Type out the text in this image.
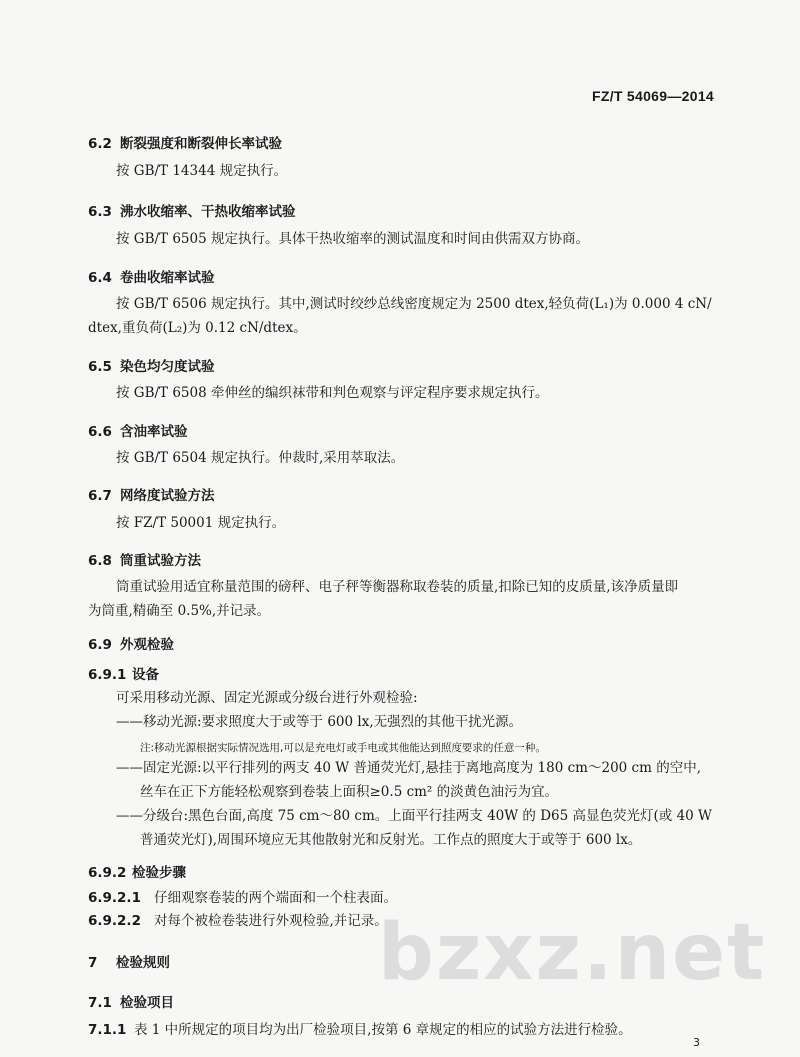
FZ/T 54069—2014
6.2 断裂强度和断裂伸长率试验
按 GB/T 14344 规定执行。
6.3 沸水收缩率、干热收缩率试验
按 GB/T 6505 规定执行。具体干热收缩率的测试温度和时间由供需双方协商。
6.4 卷曲收缩率试验
按 GB/T 6506 规定执行。其中,测试时绞纱总线密度规定为 2500 dtex,轻负荷(L₁)为 0.000 4 cN/
dtex,重负荷(L₂)为 0.12 cN/dtex。
6.5 染色均匀度试验
按 GB/T 6508 牵伸丝的编织袜带和判色观察与评定程序要求规定执行。
6.6 含油率试验
按 GB/T 6504 规定执行。仲裁时,采用萃取法。
6.7 网络度试验方法
按 FZ/T 50001 规定执行。
6.8 筒重试验方法
筒重试验用适宜称量范围的磅秤、电子秤等衡器称取卷装的质量,扣除已知的皮质量,该净质量即
为筒重,精确至 0.5%,并记录。
6.9 外观检验
6.9.1 设备
可采用移动光源、固定光源或分级台进行外观检验:
——移动光源:要求照度大于或等于 600 lx,无强烈的其他干扰光源。
注:移动光源根据实际情况选用,可以是充电灯或手电或其他能达到照度要求的任意一种。
——固定光源:以平行排列的两支 40 W 普通荧光灯,悬挂于离地高度为 180 cm～200 cm 的空中,
丝车在正下方能轻松观察到卷装上面积≥0.5 cm² 的淡黄色油污为宜。
——分级台:黑色台面,高度 75 cm～80 cm。上面平行挂两支 40W 的 D65 高显色荧光灯(或 40 W
普通荧光灯),周围环境应无其他散射光和反射光。工作点的照度大于或等于 600 lx。
6.9.2 检验步骤
6.9.2.1 仔细观察卷装的两个端面和一个柱表面。
6.9.2.2 对每个被检卷装进行外观检验,并记录。
7 检验规则
7.1 检验项目
7.1.1 表 1 中所规定的项目均为出厂检验项目,按第 6 章规定的相应的试验方法进行检验。
bzxz.net
3
